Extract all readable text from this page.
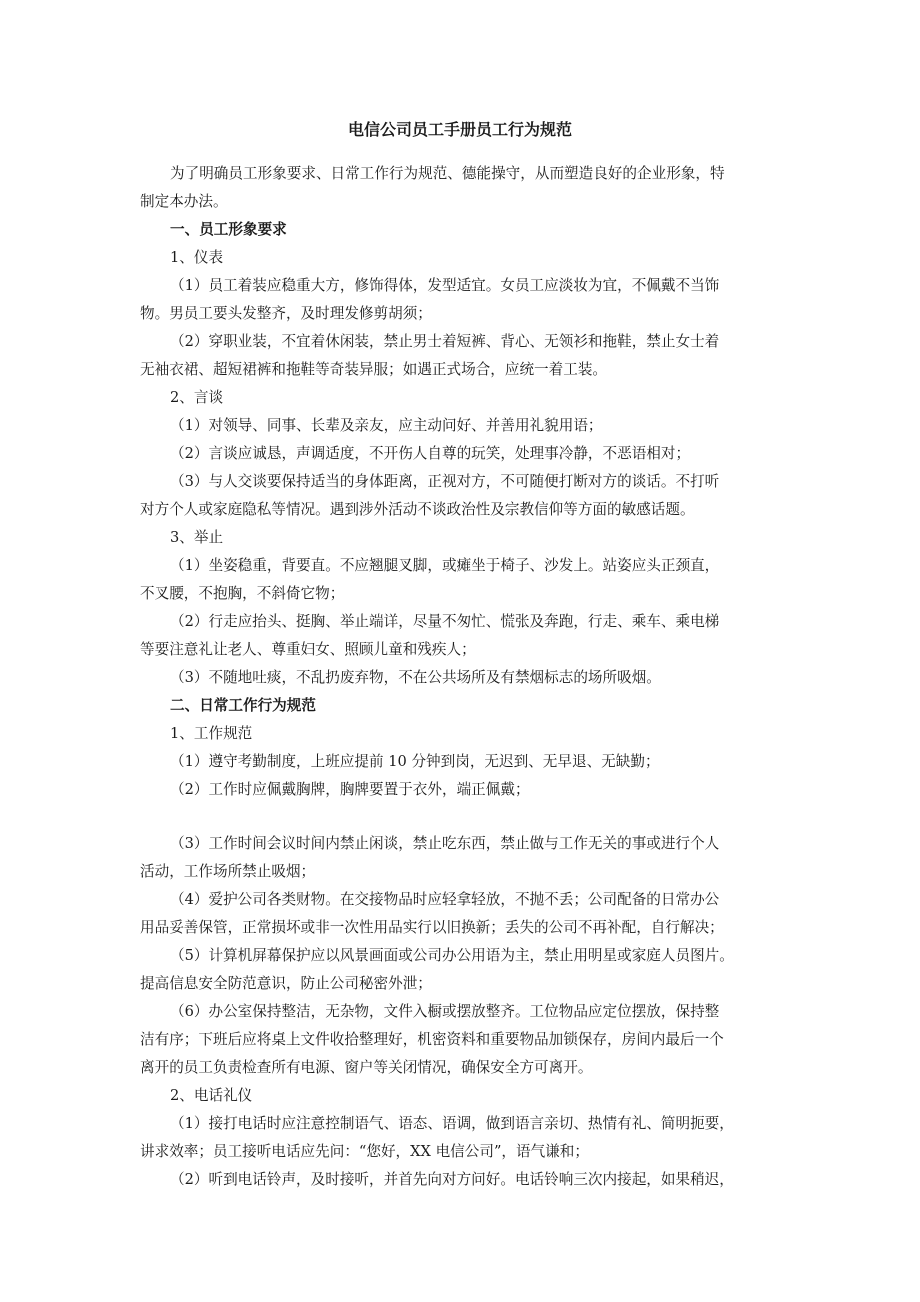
电信公司员工手册员工行为规范
为了明确员工形象要求、日常工作行为规范、德能操守，从而塑造良好的企业形象，特
制定本办法。
一、员工形象要求
1、仪表
（1）员工着装应稳重大方，修饰得体，发型适宜。女员工应淡妆为宜，不佩戴不当饰
物。男员工要头发整齐，及时理发修剪胡须；
（2）穿职业装，不宜着休闲装，禁止男士着短裤、背心、无领衫和拖鞋，禁止女士着
无袖衣裙、超短裙裤和拖鞋等奇装异服；如遇正式场合，应统一着工装。
2、言谈
（1）对领导、同事、长辈及亲友，应主动问好、并善用礼貌用语；
（2）言谈应诚恳，声调适度，不开伤人自尊的玩笑，处理事冷静，不恶语相对；
（3）与人交谈要保持适当的身体距离，正视对方，不可随便打断对方的谈话。不打听
对方个人或家庭隐私等情况。遇到涉外活动不谈政治性及宗教信仰等方面的敏感话题。
3、举止
（1）坐姿稳重，背要直。不应翘腿叉脚，或瘫坐于椅子、沙发上。站姿应头正颈直，
不叉腰，不抱胸，不斜倚它物；
（2）行走应抬头、挺胸、举止端详，尽量不匆忙、慌张及奔跑，行走、乘车、乘电梯
等要注意礼让老人、尊重妇女、照顾儿童和残疾人；
（3）不随地吐痰，不乱扔废弃物，不在公共场所及有禁烟标志的场所吸烟。
二、日常工作行为规范
1、工作规范
（1）遵守考勤制度，上班应提前 10 分钟到岗，无迟到、无早退、无缺勤；
（2）工作时应佩戴胸牌，胸牌要置于衣外，端正佩戴；
（3）工作时间会议时间内禁止闲谈，禁止吃东西，禁止做与工作无关的事或进行个人
活动，工作场所禁止吸烟；
（4）爱护公司各类财物。在交接物品时应轻拿轻放，不抛不丢；公司配备的日常办公
用品妥善保管，正常损坏或非一次性用品实行以旧换新；丢失的公司不再补配，自行解决；
（5）计算机屏幕保护应以风景画面或公司办公用语为主，禁止用明星或家庭人员图片。
提高信息安全防范意识，防止公司秘密外泄；
（6）办公室保持整洁，无杂物，文件入橱或摆放整齐。工位物品应定位摆放，保持整
洁有序；下班后应将桌上文件收拾整理好，机密资料和重要物品加锁保存，房间内最后一个
离开的员工负责检查所有电源、窗户等关闭情况，确保安全方可离开。
2、电话礼仪
（1）接打电话时应注意控制语气、语态、语调，做到语言亲切、热情有礼、简明扼要，
讲求效率；员工接听电话应先问：“您好，XX 电信公司”，语气谦和；
（2）听到电话铃声，及时接听，并首先向对方问好。电话铃响三次内接起，如果稍迟，
